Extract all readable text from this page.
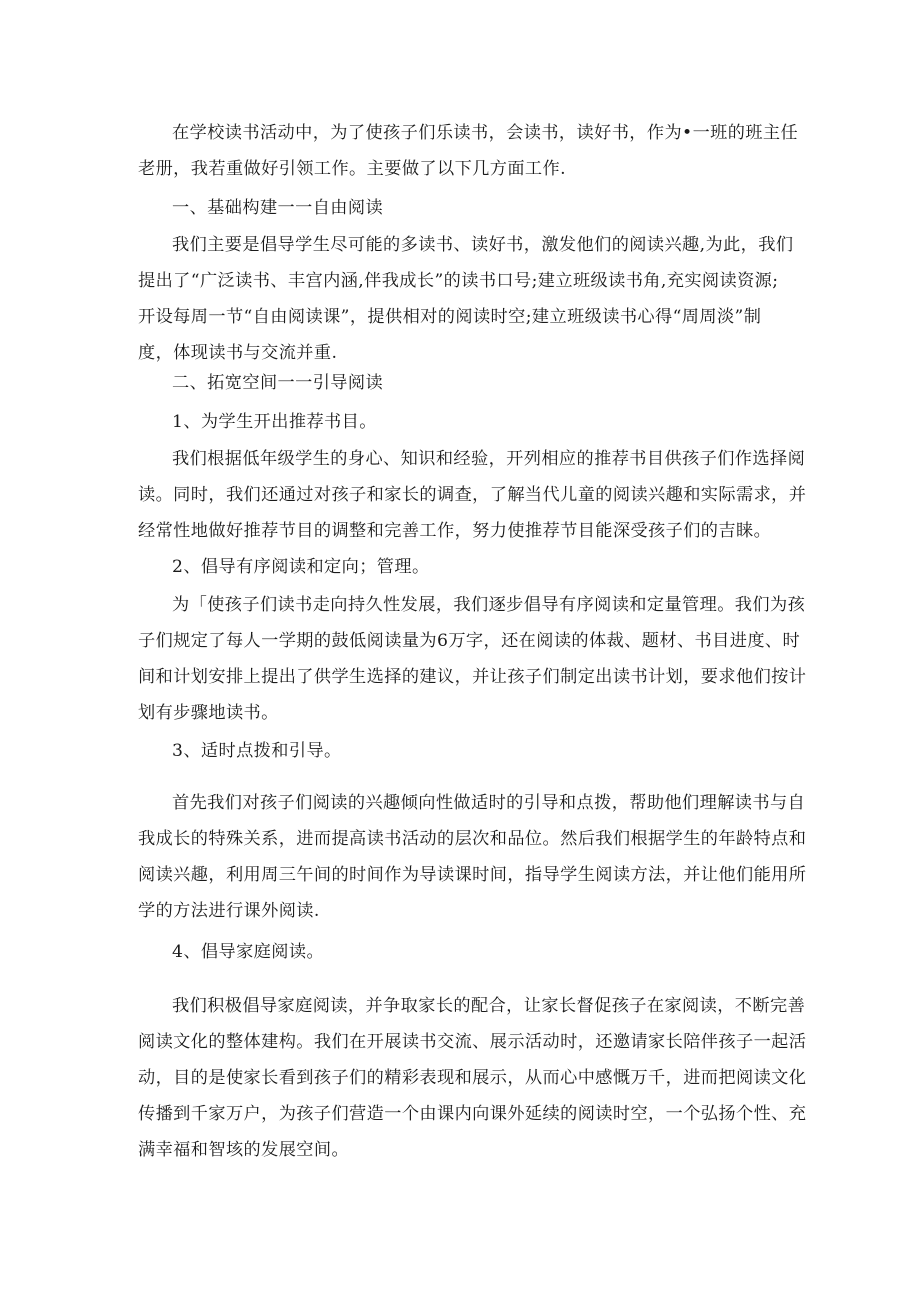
在学校读书活动中，为了使孩子们乐读书，会读书，读好书，作为•一班的班主任
老册，我若重做好引领工作。主要做了以下几方面工作.

一、基础构建一一自由阅读

我们主要是倡导学生尽可能的多读书、读好书，激发他们的阅读兴趣,为此，我们
提出了“广泛读书、丰宫内涵,伴我成长”的读书口号;建立班级读书角,充实阅读资源;
开设每周一节“自由阅读课”，提供相对的阅读时空;建立班级读书心得“周周淡”制
度，体现读书与交流并重.

二、拓宽空间一一引导阅读

1、为学生开出推荐书目。

我们根据低年级学生的身心、知识和经验，开列相应的推荐书目供孩子们作选择阅
读。同时，我们还通过对孩子和家长的调查，了解当代儿童的阅读兴趣和实际需求，并
经常性地做好推荐节目的调整和完善工作，努力使推荐节目能深受孩子们的吉睐。

2、倡导有序阅读和定向；管理。

为「使孩子们读书走向持久性发展，我们逐步倡导有序阅读和定量管理。我们为孩
子们规定了每人一学期的鼓低阅读量为6万字，还在阅读的体裁、题材、书目进度、时
间和计划安排上提出了供学生选择的建议，并让孩子们制定出读书计划，要求他们按计
划有步骤地读书。

3、适时点拨和引导。

首先我们对孩子们阅读的兴趣倾向性做适时的引导和点拨，帮助他们理解读书与自
我成长的特殊关系，进而提高读书活动的层次和品位。然后我们根据学生的年龄特点和
阅读兴趣，利用周三午间的时间作为导读课时间，指导学生阅读方法，并让他们能用所
学的方法进行课外阅读.

4、倡导家庭阅读。

我们积极倡导家庭阅读，并争取家长的配合，让家长督促孩子在家阅读，不断完善
阅读文化的整体建构。我们在开展读书交流、展示活动时，还邀请家长陪伴孩子一起活
动，目的是使家长看到孩子们的精彩表现和展示，从而心中感慨万千，进而把阅读文化
传播到千家万户，为孩子们营造一个由课内向课外延续的阅读时空，一个弘扬个性、充
满幸福和智垓的发展空间。
